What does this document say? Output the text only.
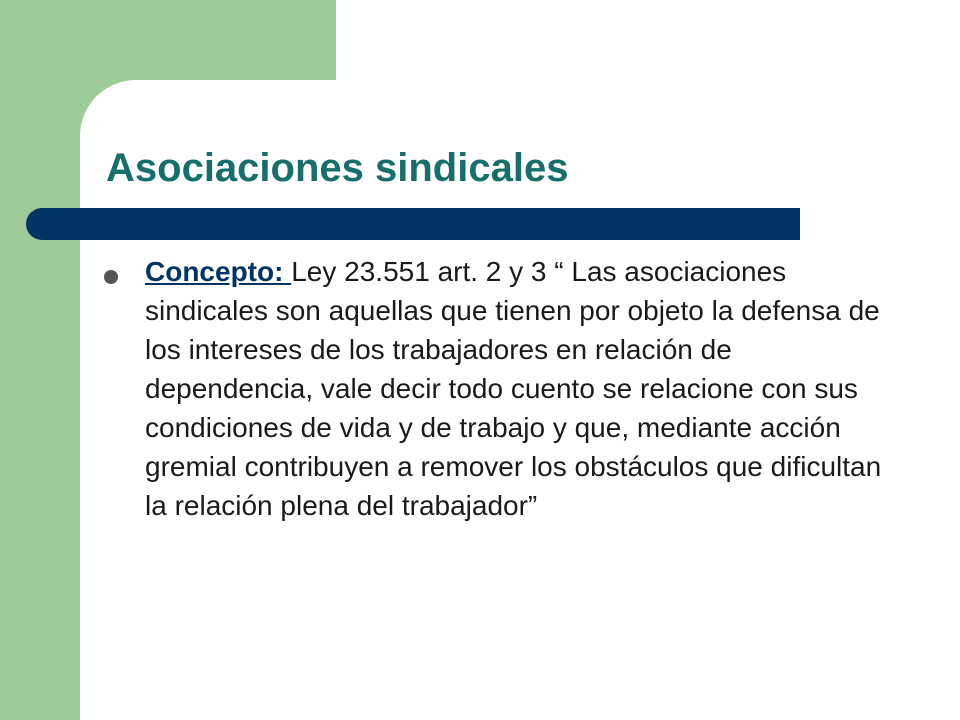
Asociaciones sindicales

Concepto: Ley 23.551 art. 2 y 3 “ Las asociaciones sindicales son aquellas que tienen por objeto la defensa de los intereses de los trabajadores en relación de dependencia, vale decir todo cuento se relacione con sus condiciones de vida y de trabajo y que, mediante acción gremial contribuyen a remover los obstáculos que dificultan la relación plena del trabajador”
